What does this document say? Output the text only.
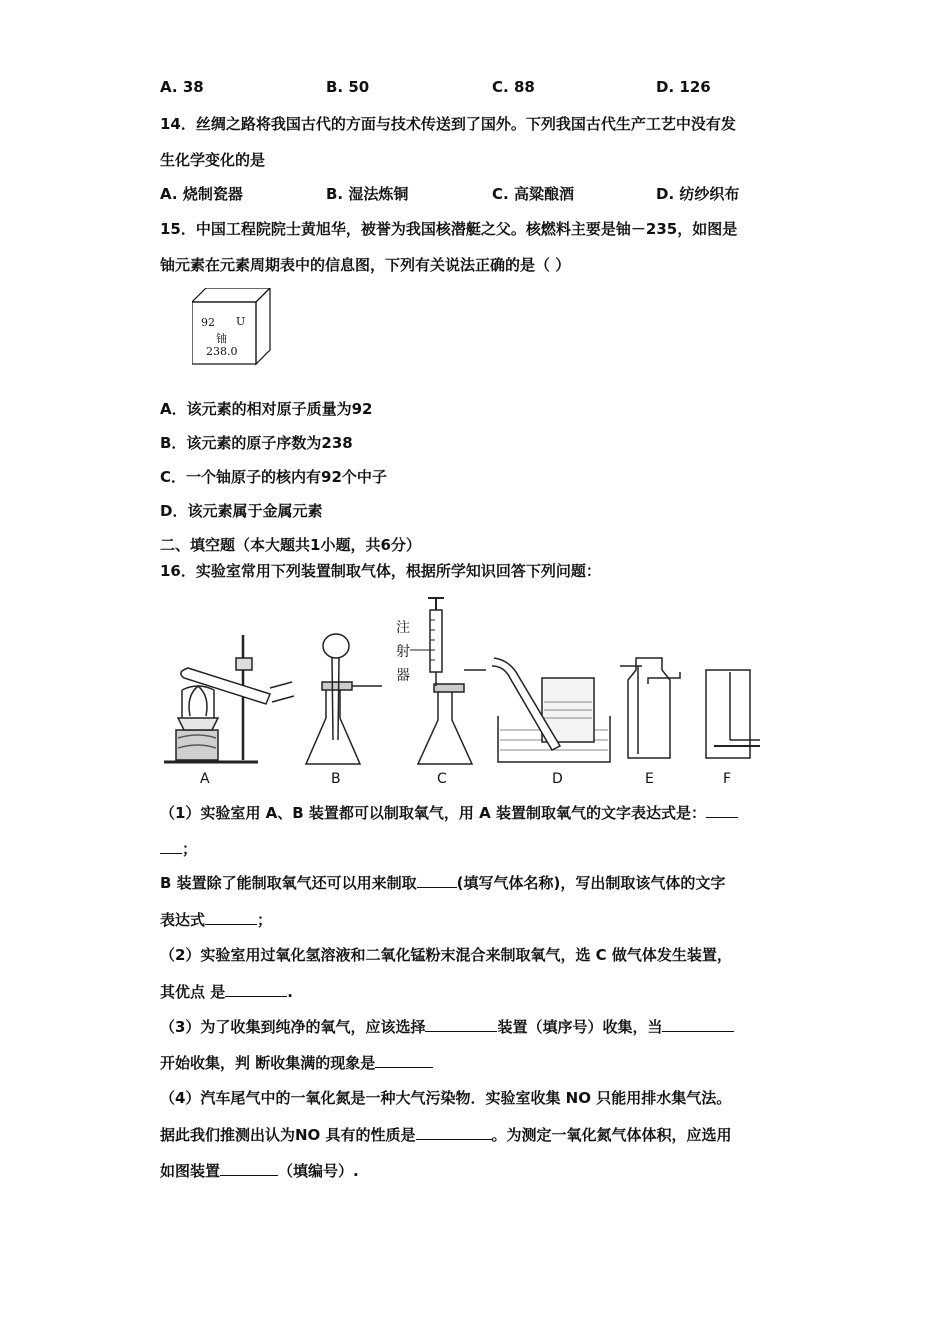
A. 38	B. 50	C. 88	D. 126
14．丝绸之路将我国古代的方面与技术传送到了国外。下列我国古代生产工艺中没有发
生化学变化的是
A. 烧制瓷器	B. 湿法炼铜	C. 高粱酿酒	D. 纺纱织布
15．中国工程院院士黄旭华，被誉为我国核潜艇之父。核燃料主要是铀－235，如图是
铀元素在元素周期表中的信息图，下列有关说法正确的是（ ）
92 U
铀
238.0
A．该元素的相对原子质量为92
B．该元素的原子序数为238
C．一个铀原子的核内有92个中子
D．该元素属于金属元素
二、填空题（本大题共1小题，共6分）
16．实验室常用下列装置制取气体，根据所学知识回答下列问题：
注
射
器
A	B	C	D	E	F
（1）实验室用 A、B 装置都可以制取氧气，用 A 装置制取氧气的文字表达式是：
；
B 装置除了能制取氧气还可以用来制取	(填写气体名称)，写出制取该气体的文字
表达式	；
（2）实验室用过氧化氢溶液和二氧化锰粉末混合来制取氧气，选 C 做气体发生装置，
其优点 是	.
（3）为了收集到纯净的氧气，应该选择	装置（填序号）收集，当
开始收集，判 断收集满的现象是
（4）汽车尾气中的一氧化氮是一种大气污染物．实验室收集 NO 只能用排水集气法。
据此我们推测出认为NO 具有的性质是	。为测定一氧化氮气体体积，应选用
如图装置	（填编号）.
